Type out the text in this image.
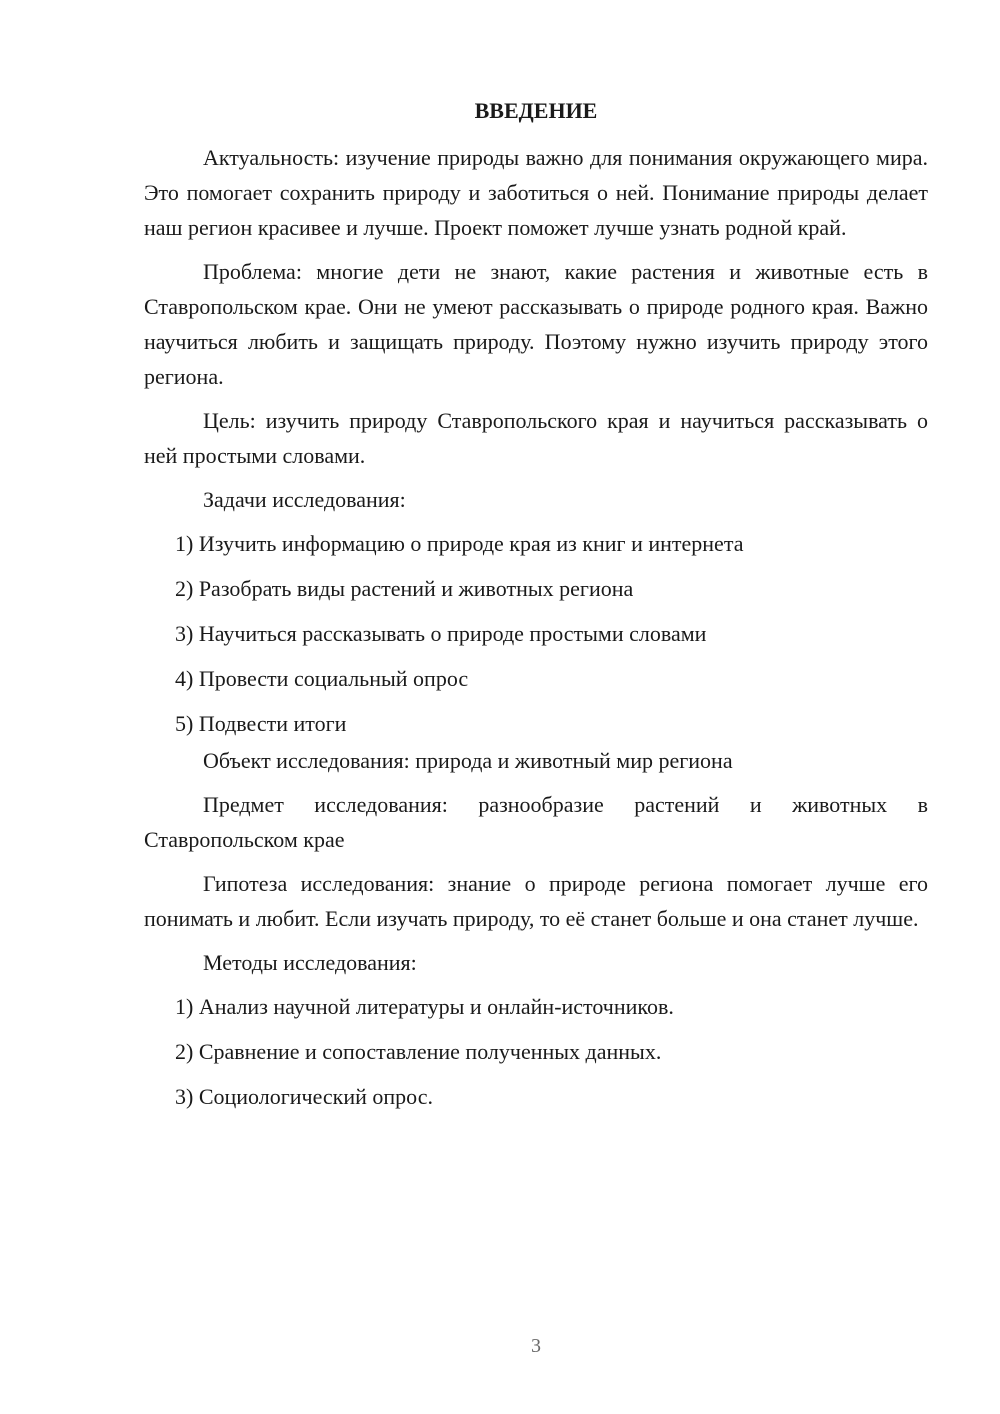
ВВЕДЕНИЕ

Актуальность: изучение природы важно для понимания окружающего мира. Это помогает сохранить природу и заботиться о ней. Понимание природы делает наш регион красивее и лучше. Проект поможет лучше узнать родной край.

Проблема: многие дети не знают, какие растения и животные есть в Ставропольском крае. Они не умеют рассказывать о природе родного края. Важно научиться любить и защищать природу. Поэтому нужно изучить природу этого региона.

Цель: изучить природу Ставропольского края и научиться рассказывать о ней простыми словами.

Задачи исследования:

1) Изучить информацию о природе края из книг и интернета
2) Разобрать виды растений и животных региона
3) Научиться рассказывать о природе простыми словами
4) Провести социальный опрос
5) Подвести итоги

Объект исследования: природа и животный мир региона

Предмет исследования: разнообразие растений и животных в Ставропольском крае

Гипотеза исследования: знание о природе региона помогает лучше его понимать и любит. Если изучать природу, то её станет больше и она станет лучше.

Методы исследования:

1) Анализ научной литературы и онлайн-источников.
2) Сравнение и сопоставление полученных данных.
3) Социологический опрос.
3
